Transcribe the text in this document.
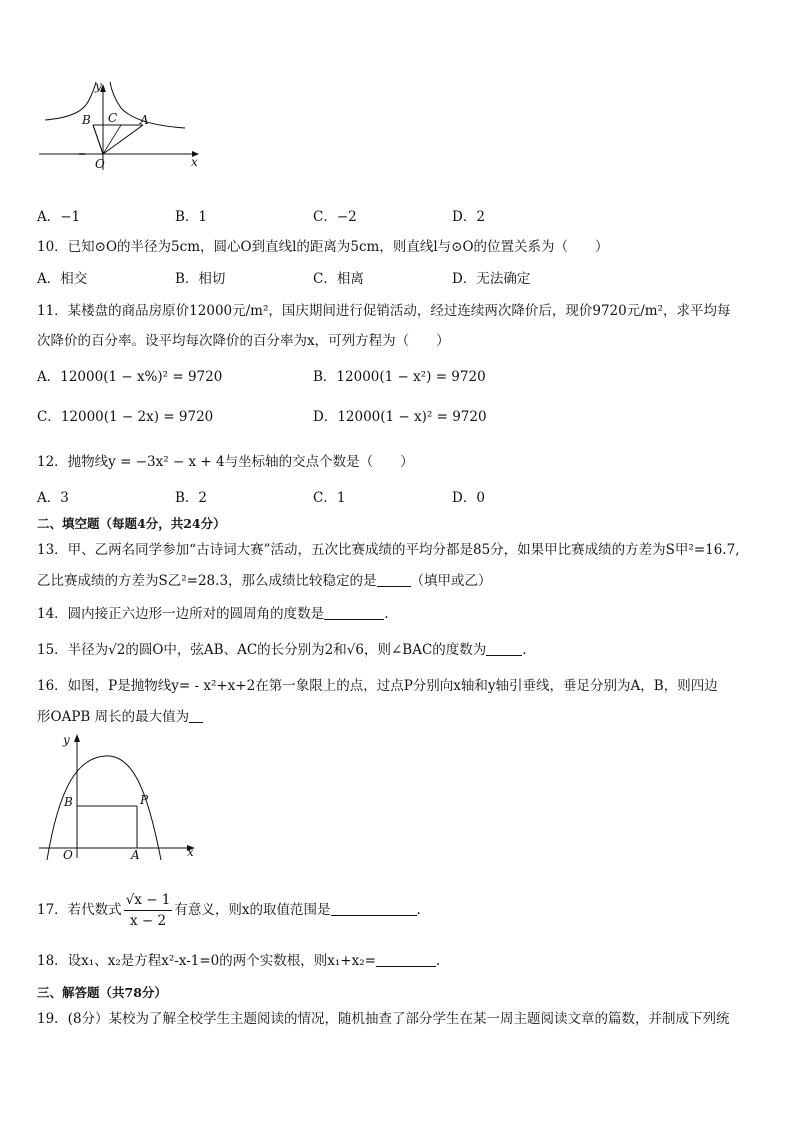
y
x
O
B C A
A．−1	B．1	C．−2	D．2
10．已知⊙O的半径为5cm，圆心O到直线l的距离为5cm，则直线l与⊙O的位置关系为（　　）
A．相交	B．相切	C．相离	D．无法确定
11．某楼盘的商品房原价12000元/m²，国庆期间进行促销活动，经过连续两次降价后，现价9720元/m²，求平均每
次降价的百分率。设平均每次降价的百分率为x，可列方程为（　　）
A．12000(1 − x%)² = 9720	B．12000(1 − x²) = 9720
C．12000(1 − 2x) = 9720	D．12000(1 − x)² = 9720
12．抛物线y = −3x² − x + 4与坐标轴的交点个数是（　　）
A．3	B．2	C．1	D．0
二、填空题（每题4分，共24分）
13．甲、乙两名同学参加“古诗词大赛”活动，五次比赛成绩的平均分都是85分，如果甲比赛成绩的方差为S甲²=16.7,
乙比赛成绩的方差为S乙²=28.3，那么成绩比较稳定的是	（填甲或乙）
14．圆内接正六边形一边所对的圆周角的度数是	.
15．半径为√2的圆O中，弦AB、AC的长分别为2和√6，则∠BAC的度数为	.
16．如图，P是抛物线y= - x²+x+2在第一象限上的点，过点P分别向x轴和y轴引垂线，垂足分别为A，B，则四边
形OAPB 周长的最大值为
y
x
O
B	P
A
17．若代数式 $\frac{√x - 1}{x - 2}$ 有意义，则x的取值范围是	.
18．设x₁、x₂是方程x²-x-1=0的两个实数根，则x₁+x₂=	.
三、解答题（共78分）
19．(8分）某校为了解全校学生主题阅读的情况，随机抽查了部分学生在某一周主题阅读文章的篇数，并制成下列统
